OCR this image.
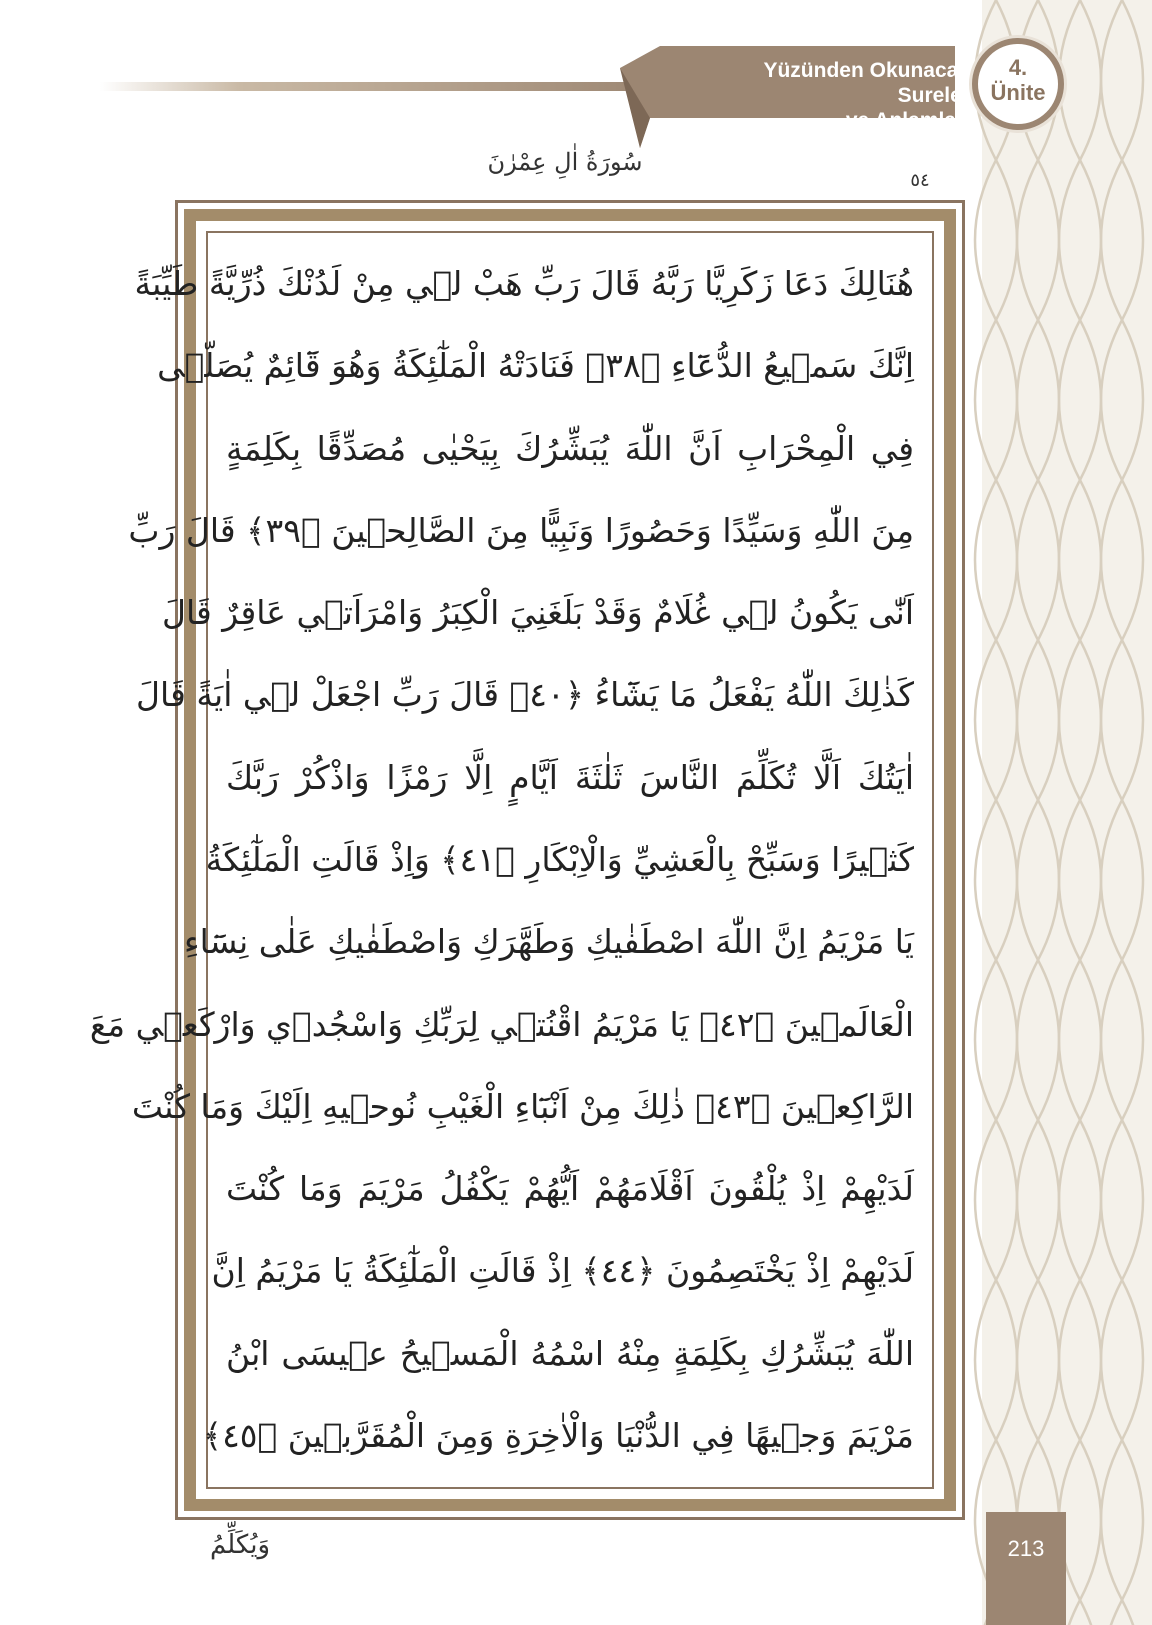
Yüzünden Okunacak Sureler
ve Anlamları
4.
Ünite
سُورَةُ اٰلِ عِمْرٰنَ
٥٤
هُنَالِكَ دَعَا زَكَرِيَّا رَبَّهُ قَالَ رَبِّ هَبْ لٖي مِنْ لَدُنْكَ ذُرِّيَّةً طَيِّبَةً
اِنَّكَ سَمٖيعُ الدُّعَٓاءِ ﴿٣٨﴾ فَنَادَتْهُ الْمَلٰٓئِكَةُ وَهُوَ قَٓائِمٌ يُصَلّٖى
فِي الْمِحْرَابِ اَنَّ اللّٰهَ يُبَشِّرُكَ بِيَحْيٰى مُصَدِّقًا بِكَلِمَةٍ
مِنَ اللّٰهِ وَسَيِّدًا وَحَصُورًا وَنَبِيًّا مِنَ الصَّالِحٖينَ ﴿٣٩﴾ قَالَ رَبِّ
اَنّٰى يَكُونُ لٖي غُلَامٌ وَقَدْ بَلَغَنِيَ الْكِبَرُ وَامْرَاَتٖي عَاقِرٌ قَالَ
كَذٰلِكَ اللّٰهُ يَفْعَلُ مَا يَشَٓاءُ ﴿٤٠﴾ قَالَ رَبِّ اجْعَلْ لٖي اٰيَةً قَالَ
اٰيَتُكَ اَلَّا تُكَلِّمَ النَّاسَ ثَلٰثَةَ اَيَّامٍ اِلَّا رَمْزًا وَاذْكُرْ رَبَّكَ
كَثٖيرًا وَسَبِّحْ بِالْعَشِيِّ وَالْاِبْكَارِ ﴿٤١﴾ وَاِذْ قَالَتِ الْمَلٰٓئِكَةُ
يَا مَرْيَمُ اِنَّ اللّٰهَ اصْطَفٰيكِ وَطَهَّرَكِ وَاصْطَفٰيكِ عَلٰى نِسَٓاءِ
الْعَالَمٖينَ ﴿٤٢﴾ يَا مَرْيَمُ اقْنُتٖي لِرَبِّكِ وَاسْجُدٖي وَارْكَعٖي مَعَ
الرَّاكِعٖينَ ﴿٤٣﴾ ذٰلِكَ مِنْ اَنْبَٓاءِ الْغَيْبِ نُوحٖيهِ اِلَيْكَ وَمَا كُنْتَ
لَدَيْهِمْ اِذْ يُلْقُونَ اَقْلَامَهُمْ اَيُّهُمْ يَكْفُلُ مَرْيَمَ وَمَا كُنْتَ
لَدَيْهِمْ اِذْ يَخْتَصِمُونَ ﴿٤٤﴾ اِذْ قَالَتِ الْمَلٰٓئِكَةُ يَا مَرْيَمُ اِنَّ
اللّٰهَ يُبَشِّرُكِ بِكَلِمَةٍ مِنْهُ اسْمُهُ الْمَسٖيحُ عٖيسَى ابْنُ
مَرْيَمَ وَجٖيهًا فِي الدُّنْيَا وَالْاٰخِرَةِ وَمِنَ الْمُقَرَّبٖينَ ﴿٤٥﴾
وَيُكَلِّمُ	213
